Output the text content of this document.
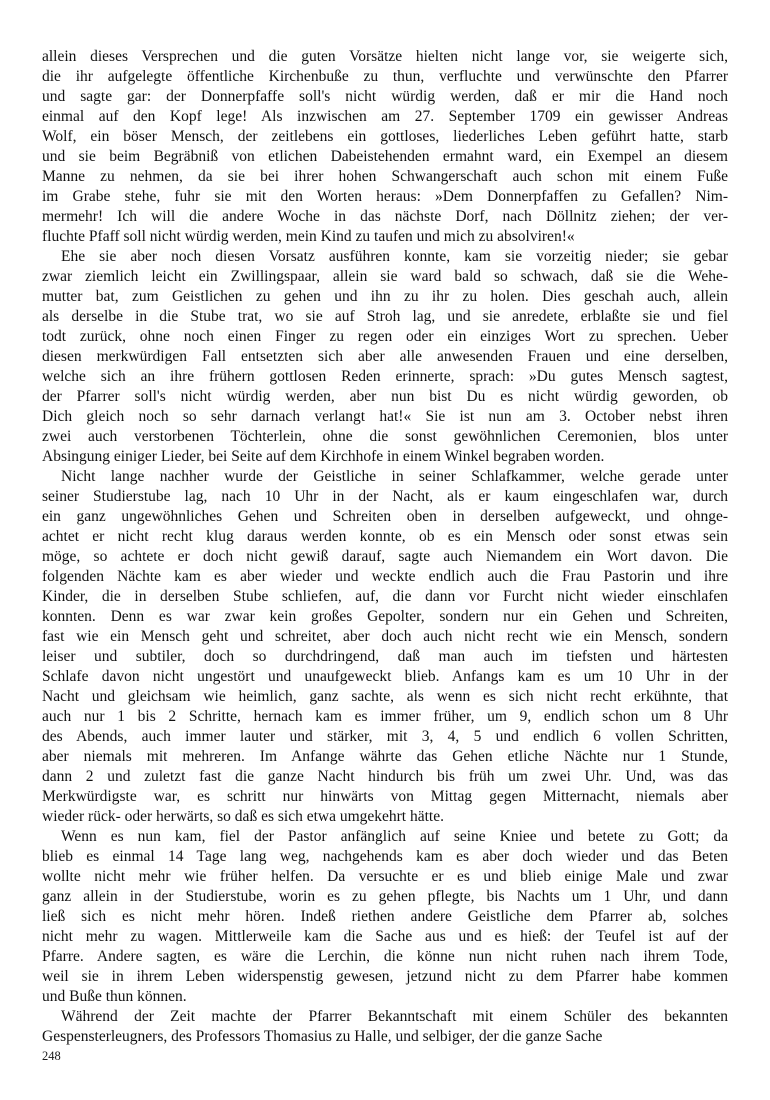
allein dieses Versprechen und die guten Vorsätze hielten nicht lange vor, sie weigerte sich,
die ihr aufgelegte öffentliche Kirchenbuße zu thun, verfluchte und verwünschte den Pfarrer
und sagte gar: der Donnerpfaffe soll's nicht würdig werden, daß er mir die Hand noch
einmal auf den Kopf lege! Als inzwischen am 27. September 1709 ein gewisser Andreas
Wolf, ein böser Mensch, der zeitlebens ein gottloses, liederliches Leben geführt hatte, starb
und sie beim Begräbniß von etlichen Dabeistehenden ermahnt ward, ein Exempel an diesem
Manne zu nehmen, da sie bei ihrer hohen Schwangerschaft auch schon mit einem Fuße
im Grabe stehe, fuhr sie mit den Worten heraus: »Dem Donnerpfaffen zu Gefallen? Nim-
mermehr! Ich will die andere Woche in das nächste Dorf, nach Döllnitz ziehen; der ver-
fluchte Pfaff soll nicht würdig werden, mein Kind zu taufen und mich zu absolviren!«
Ehe sie aber noch diesen Vorsatz ausführen konnte, kam sie vorzeitig nieder; sie gebar
zwar ziemlich leicht ein Zwillingspaar, allein sie ward bald so schwach, daß sie die Wehe-
mutter bat, zum Geistlichen zu gehen und ihn zu ihr zu holen. Dies geschah auch, allein
als derselbe in die Stube trat, wo sie auf Stroh lag, und sie anredete, erblaßte sie und fiel
todt zurück, ohne noch einen Finger zu regen oder ein einziges Wort zu sprechen. Ueber
diesen merkwürdigen Fall entsetzten sich aber alle anwesenden Frauen und eine derselben,
welche sich an ihre frühern gottlosen Reden erinnerte, sprach: »Du gutes Mensch sagtest,
der Pfarrer soll's nicht würdig werden, aber nun bist Du es nicht würdig geworden, ob
Dich gleich noch so sehr darnach verlangt hat!« Sie ist nun am 3. October nebst ihren
zwei auch verstorbenen Töchterlein, ohne die sonst gewöhnlichen Ceremonien, blos unter
Absingung einiger Lieder, bei Seite auf dem Kirchhofe in einem Winkel begraben worden.
Nicht lange nachher wurde der Geistliche in seiner Schlafkammer, welche gerade unter
seiner Studierstube lag, nach 10 Uhr in der Nacht, als er kaum eingeschlafen war, durch
ein ganz ungewöhnliches Gehen und Schreiten oben in derselben aufgeweckt, und ohnge-
achtet er nicht recht klug daraus werden konnte, ob es ein Mensch oder sonst etwas sein
möge, so achtete er doch nicht gewiß darauf, sagte auch Niemandem ein Wort davon. Die
folgenden Nächte kam es aber wieder und weckte endlich auch die Frau Pastorin und ihre
Kinder, die in derselben Stube schliefen, auf, die dann vor Furcht nicht wieder einschlafen
konnten. Denn es war zwar kein großes Gepolter, sondern nur ein Gehen und Schreiten,
fast wie ein Mensch geht und schreitet, aber doch auch nicht recht wie ein Mensch, sondern
leiser und subtiler, doch so durchdringend, daß man auch im tiefsten und härtesten
Schlafe davon nicht ungestört und unaufgeweckt blieb. Anfangs kam es um 10 Uhr in der
Nacht und gleichsam wie heimlich, ganz sachte, als wenn es sich nicht recht erkühnte, that
auch nur 1 bis 2 Schritte, hernach kam es immer früher, um 9, endlich schon um 8 Uhr
des Abends, auch immer lauter und stärker, mit 3, 4, 5 und endlich 6 vollen Schritten,
aber niemals mit mehreren. Im Anfange währte das Gehen etliche Nächte nur 1 Stunde,
dann 2 und zuletzt fast die ganze Nacht hindurch bis früh um zwei Uhr. Und, was das
Merkwürdigste war, es schritt nur hinwärts von Mittag gegen Mitternacht, niemals aber
wieder rück- oder herwärts, so daß es sich etwa umgekehrt hätte.
Wenn es nun kam, fiel der Pastor anfänglich auf seine Kniee und betete zu Gott; da
blieb es einmal 14 Tage lang weg, nachgehends kam es aber doch wieder und das Beten
wollte nicht mehr wie früher helfen. Da versuchte er es und blieb einige Male und zwar
ganz allein in der Studierstube, worin es zu gehen pflegte, bis Nachts um 1 Uhr, und dann
ließ sich es nicht mehr hören. Indeß riethen andere Geistliche dem Pfarrer ab, solches
nicht mehr zu wagen. Mittlerweile kam die Sache aus und es hieß: der Teufel ist auf der
Pfarre. Andere sagten, es wäre die Lerchin, die könne nun nicht ruhen nach ihrem Tode,
weil sie in ihrem Leben widerspenstig gewesen, jetzund nicht zu dem Pfarrer habe kommen
und Buße thun können.
Während der Zeit machte der Pfarrer Bekanntschaft mit einem Schüler des bekannten
Gespensterleugners, des Professors Thomasius zu Halle, und selbiger, der die ganze Sache
248
